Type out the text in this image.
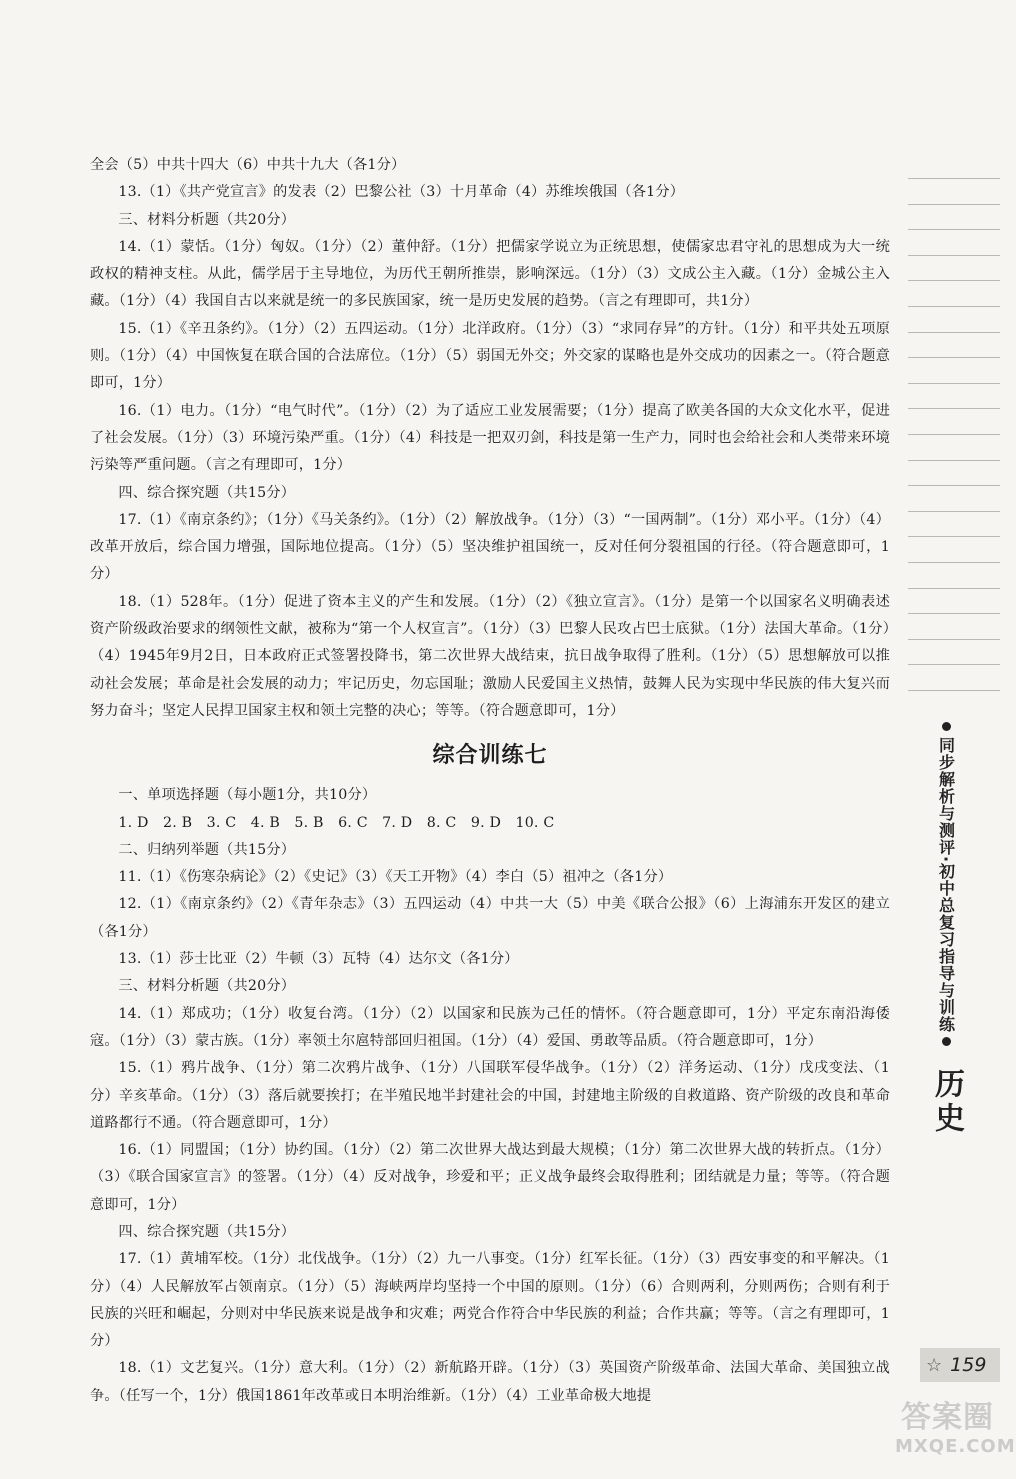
全会（5）中共十四大（6）中共十九大（各1分）

13.（1）《共产党宣言》的发表（2）巴黎公社（3）十月革命（4）苏维埃俄国（各1分）

三、材料分析题（共20分）

14.（1）蒙恬。（1分）匈奴。（1分）（2）董仲舒。（1分）把儒家学说立为正统思想，使儒家忠君守礼的思想成为大一统政权的精神支柱。从此，儒学居于主导地位，为历代王朝所推崇，影响深远。（1分）（3）文成公主入藏。（1分）金城公主入藏。（1分）（4）我国自古以来就是统一的多民族国家，统一是历史发展的趋势。（言之有理即可，共1分）

15.（1）《辛丑条约》。（1分）（2）五四运动。（1分）北洋政府。（1分）（3）“求同存异”的方针。（1分）和平共处五项原则。（1分）（4）中国恢复在联合国的合法席位。（1分）（5）弱国无外交；外交家的谋略也是外交成功的因素之一。（符合题意即可，1分）

16.（1）电力。（1分）“电气时代”。（1分）（2）为了适应工业发展需要；（1分）提高了欧美各国的大众文化水平，促进了社会发展。（1分）（3）环境污染严重。（1分）（4）科技是一把双刃剑，科技是第一生产力，同时也会给社会和人类带来环境污染等严重问题。（言之有理即可，1分）

四、综合探究题（共15分）

17.（1）《南京条约》；（1分）《马关条约》。（1分）（2）解放战争。（1分）（3）“一国两制”。（1分）邓小平。（1分）（4）改革开放后，综合国力增强，国际地位提高。（1分）（5）坚决维护祖国统一，反对任何分裂祖国的行径。（符合题意即可，1分）

18.（1）528年。（1分）促进了资本主义的产生和发展。（1分）（2）《独立宣言》。（1分）是第一个以国家名义明确表述资产阶级政治要求的纲领性文献，被称为“第一个人权宣言”。（1分）（3）巴黎人民攻占巴士底狱。（1分）法国大革命。（1分）（4）1945年9月2日，日本政府正式签署投降书，第二次世界大战结束，抗日战争取得了胜利。（1分）（5）思想解放可以推动社会发展；革命是社会发展的动力；牢记历史，勿忘国耻；激励人民爱国主义热情，鼓舞人民为实现中华民族的伟大复兴而努力奋斗；坚定人民捍卫国家主权和领土完整的决心；等等。（符合题意即可，1分）

综合训练七

一、单项选择题（每小题1分，共10分）

1. D　2. B　3. C　4. B　5. B　6. C　7. D　8. C　9. D　10. C

二、归纳列举题（共15分）

11.（1）《伤寒杂病论》（2）《史记》（3）《天工开物》（4）李白（5）祖冲之（各1分）

12.（1）《南京条约》（2）《青年杂志》（3）五四运动（4）中共一大（5）中美《联合公报》（6）上海浦东开发区的建立（各1分）

13.（1）莎士比亚（2）牛顿（3）瓦特（4）达尔文（各1分）

三、材料分析题（共20分）

14.（1）郑成功；（1分）收复台湾。（1分）（2）以国家和民族为己任的情怀。（符合题意即可，1分）平定东南沿海倭寇。（1分）（3）蒙古族。（1分）率领土尔扈特部回归祖国。（1分）（4）爱国、勇敢等品质。（符合题意即可，1分）

15.（1）鸦片战争、（1分）第二次鸦片战争、（1分）八国联军侵华战争。（1分）（2）洋务运动、（1分）戊戌变法、（1分）辛亥革命。（1分）（3）落后就要挨打；在半殖民地半封建社会的中国，封建地主阶级的自救道路、资产阶级的改良和革命道路都行不通。（符合题意即可，1分）

16.（1）同盟国；（1分）协约国。（1分）（2）第二次世界大战达到最大规模；（1分）第二次世界大战的转折点。（1分）（3）《联合国家宣言》的签署。（1分）（4）反对战争，珍爱和平；正义战争最终会取得胜利；团结就是力量；等等。（符合题意即可，1分）

四、综合探究题（共15分）

17.（1）黄埔军校。（1分）北伐战争。（1分）（2）九一八事变。（1分）红军长征。（1分）（3）西安事变的和平解决。（1分）（4）人民解放军占领南京。（1分）（5）海峡两岸均坚持一个中国的原则。（1分）（6）合则两利，分则两伤；合则有利于民族的兴旺和崛起，分则对中华民族来说是战争和灾难；两党合作符合中华民族的利益；合作共赢；等等。（言之有理即可，1分）

18.（1）文艺复兴。（1分）意大利。（1分）（2）新航路开辟。（1分）（3）英国资产阶级革命、法国大革命、美国独立战争。（任写一个，1分）俄国1861年改革或日本明治维新。（1分）（4）工业革命极大地提

同步解析与测评·初中总复习指导与训练
历史
☆ 159
答案圈
MXQE.COM
